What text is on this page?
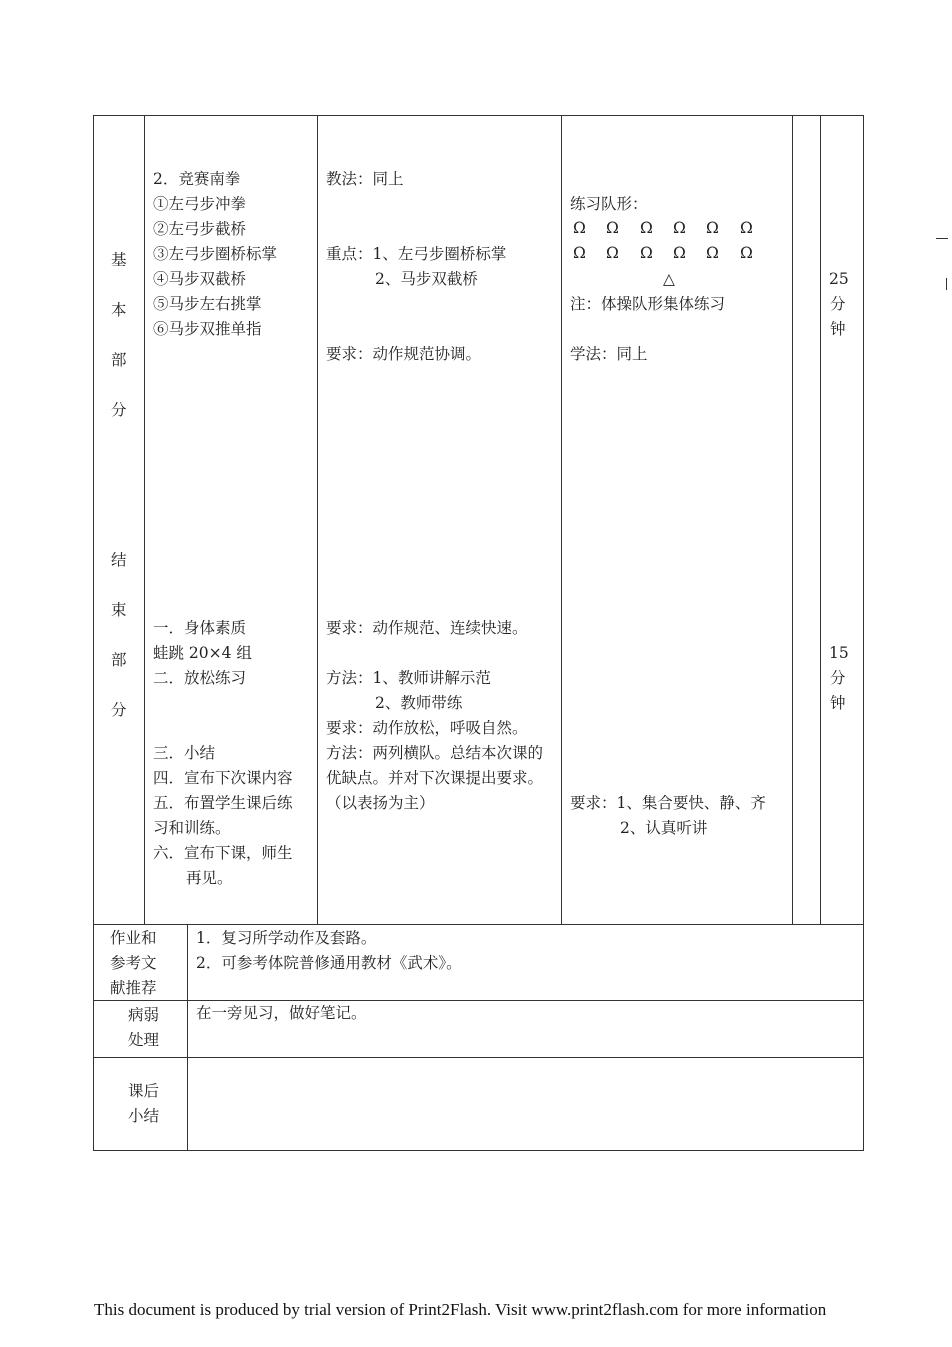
基
本
部
分
结
束
部
分
2．竞赛南拳
①左弓步冲拳
②左弓步截桥
③左弓步圈桥标掌
④马步双截桥
⑤马步左右挑掌
⑥马步双推单指
一．身体素质
蛙跳 20×4 组
二．放松练习
三．小结
四．宣布下次课内容
五．布置学生课后练
习和训练。
六．宣布下课，师生
再见。
教法：同上
重点：1、左弓步圈桥标掌
2、马步双截桥
要求：动作规范协调。
要求：动作规范、连续快速。
方法：1、教师讲解示范
2、教师带练
要求：动作放松，呼吸自然。
方法：两列横队。总结本次课的
优缺点。并对下次课提出要求。
（以表扬为主）
练习队形：
Ω Ω Ω Ω Ω Ω
Ω Ω Ω Ω Ω Ω
△
注：体操队形集体练习
学法：同上
要求：1、集合要快、静、齐
2、认真听讲
25
分
钟
15
分
钟
作业和
参考文
献推荐
1．复习所学动作及套路。
2．可参考体院普修通用教材《武术》。
病弱
处理
在一旁见习，做好笔记。
课后
小结
This document is produced by trial version of Print2Flash. Visit www.print2flash.com for more information
